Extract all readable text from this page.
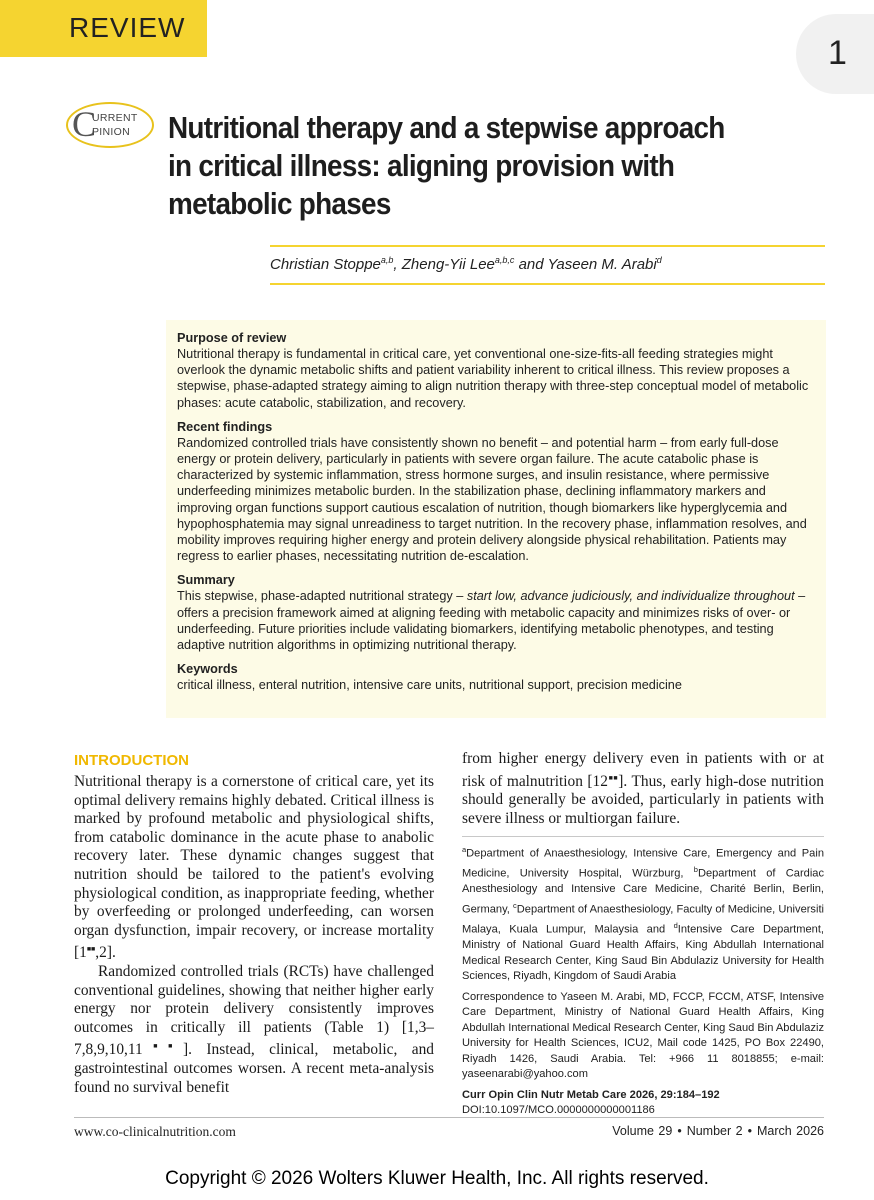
REVIEW
1
C
URRENT
PINION Nutritional therapy and a stepwise approach in critical illness: aligning provision with metabolic phases
Christian Stoppe$^{a,b}$, Zheng-Yii Lee$^{a,b,c}$ and Yaseen M. Arabi$^d$
Purpose of review

Nutritional therapy is fundamental in critical care, yet conventional one-size-fits-all feeding strategies might overlook the dynamic metabolic shifts and patient variability inherent to critical illness. This review proposes a stepwise, phase-adapted strategy aiming to align nutrition therapy with three-step conceptual model of metabolic phases: acute catabolic, stabilization, and recovery.

Recent findings

Randomized controlled trials have consistently shown no benefit – and potential harm – from early full-dose energy or protein delivery, particularly in patients with severe organ failure. The acute catabolic phase is characterized by systemic inflammation, stress hormone surges, and insulin resistance, where permissive underfeeding minimizes metabolic burden. In the stabilization phase, declining inflammatory markers and improving organ functions support cautious escalation of nutrition, though biomarkers like hyperglycemia and hypophosphatemia may signal unreadiness to target nutrition. In the recovery phase, inflammation resolves, and mobility improves requiring higher energy and protein delivery alongside physical rehabilitation. Patients may regress to earlier phases, necessitating nutrition de-escalation.

Summary

This stepwise, phase-adapted nutritional strategy – start low, advance judiciously, and individualize throughout – offers a precision framework aimed at aligning feeding with metabolic capacity and minimizes risks of over- or underfeeding. Future priorities include validating biomarkers, identifying metabolic phenotypes, and testing adaptive nutrition algorithms in optimizing nutritional therapy.

Keywords

critical illness, enteral nutrition, intensive care units, nutritional support, precision medicine

INTRODUCTION

Nutritional therapy is a cornerstone of critical care, yet its optimal delivery remains highly debated. Critical illness is marked by profound metabolic and physiological shifts, from catabolic dominance in the acute phase to anabolic recovery later. These dynamic changes suggest that nutrition should be tailored to the patient's evolving physiological condition, as inappropriate feeding, whether by overfeeding or prolonged underfeeding, can worsen organ dysfunction, impair recovery, or increase mortality [1■■,2].

Randomized controlled trials (RCTs) have challenged conventional guidelines, showing that neither higher early energy nor protein delivery consistently improves outcomes in critically ill patients (Table 1) [1,3–7,8,9,10,11■■]. Instead, clinical, metabolic, and gastrointestinal outcomes worsen. A recent meta-analysis found no survival benefit

from higher energy delivery even in patients with or at risk of malnutrition [12■■]. Thus, early high-dose nutrition should generally be avoided, particularly in patients with severe illness or multiorgan failure.

$^a$Department of Anaesthesiology, Intensive Care, Emergency and Pain Medicine, University Hospital, Würzburg, $^b$Department of Cardiac Anesthesiology and Intensive Care Medicine, Charité Berlin, Berlin, Germany, $^c$Department of Anaesthesiology, Faculty of Medicine, Universiti Malaya, Kuala Lumpur, Malaysia and $^d$Intensive Care Department, Ministry of National Guard Health Affairs, King Abdullah International Medical Research Center, King Saud Bin Abdulaziz University for Health Sciences, Riyadh, Kingdom of Saudi Arabia

Correspondence to Yaseen M. Arabi, MD, FCCP, FCCM, ATSF, Intensive Care Department, Ministry of National Guard Health Affairs, King Abdullah International Medical Research Center, King Saud Bin Abdulaziz University for Health Sciences, ICU2, Mail code 1425, PO Box 22490, Riyadh 1426, Saudi Arabia. Tel: +966 11 8018855; e-mail: yaseenarabi@yahoo.com

Curr Opin Clin Nutr Metab Care 2026, 29:184–192

DOI:10.1097/MCO.0000000000001186

www.co-clinicalnutrition.com	Volume 29 • Number 2 • March 2026
Copyright © 2026 Wolters Kluwer Health, Inc. All rights reserved.
